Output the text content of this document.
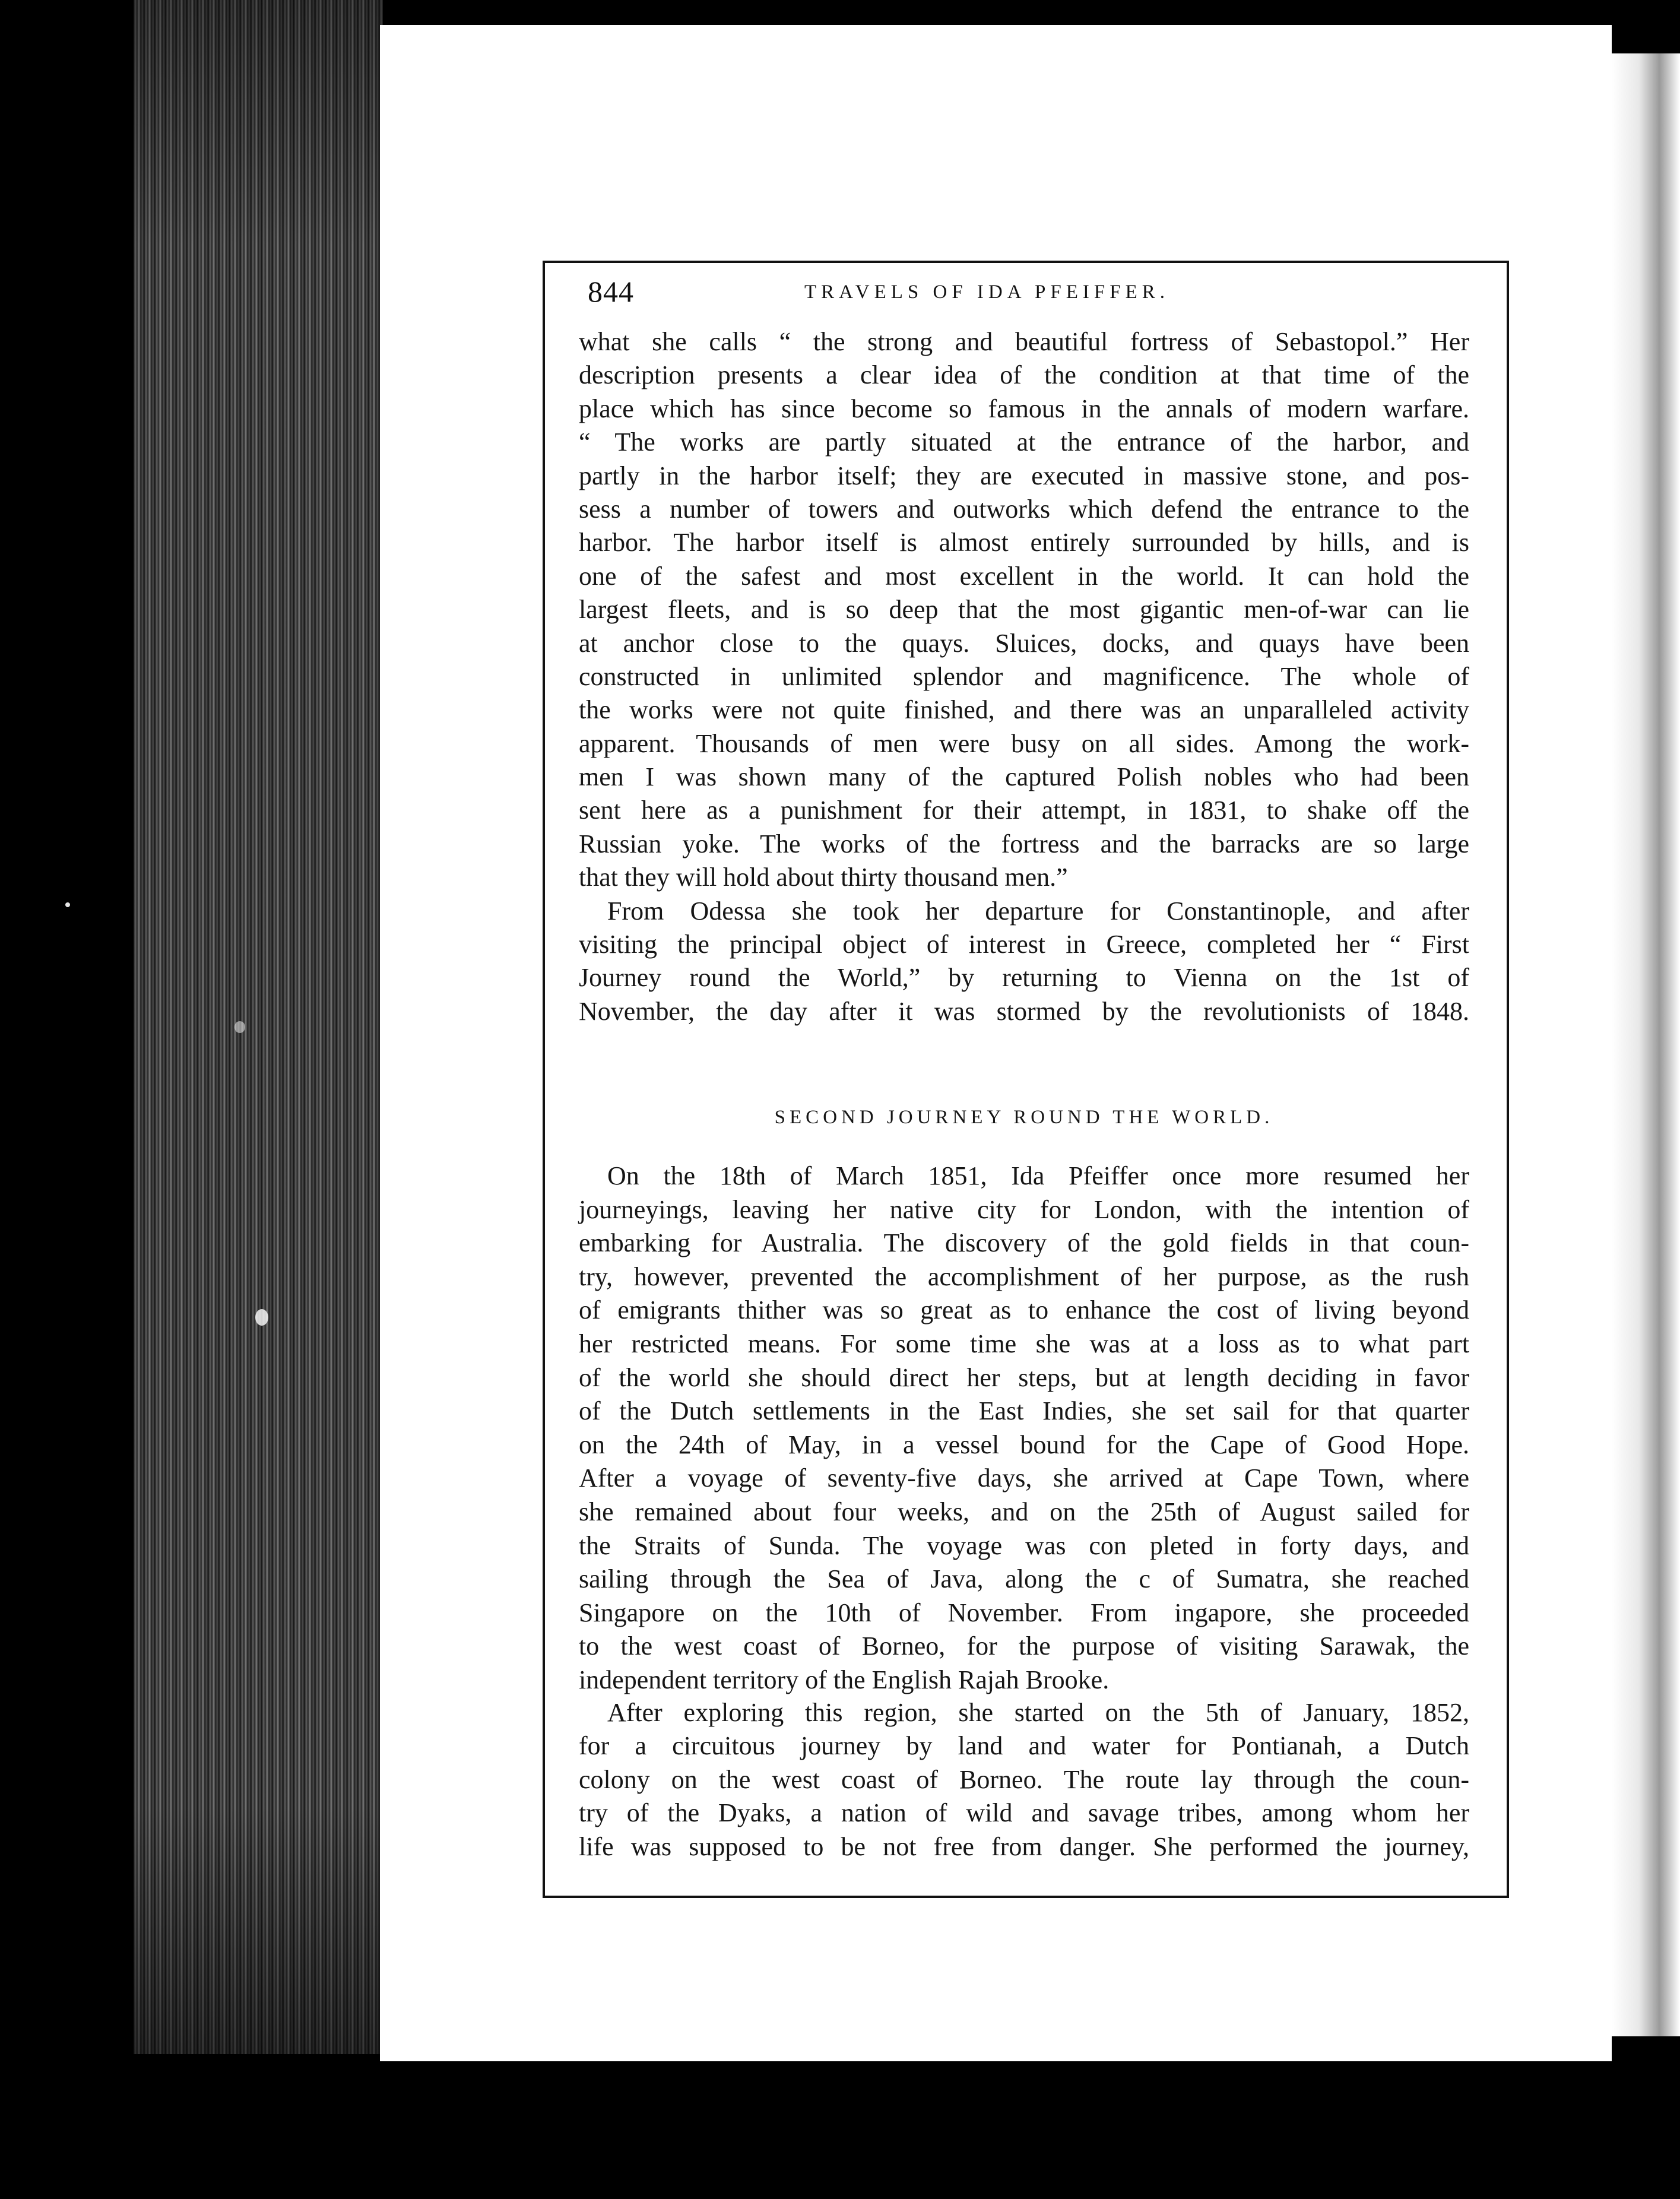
844	TRAVELS OF IDA PFEIFFER.
what she calls “ the strong and beautiful fortress of Sebastopol.” Her
description presents a clear idea of the condition at that time of the
place which has since become so famous in the annals of modern warfare.
“ The works are partly situated at the entrance of the harbor, and
partly in the harbor itself; they are executed in massive stone, and pos-
sess a number of towers and outworks which defend the entrance to the
harbor. The harbor itself is almost entirely surrounded by hills, and is
one of the safest and most excellent in the world. It can hold the
largest fleets, and is so deep that the most gigantic men-of-war can lie
at anchor close to the quays. Sluices, docks, and quays have been
constructed in unlimited splendor and magnificence. The whole of
the works were not quite finished, and there was an unparalleled activity
apparent. Thousands of men were busy on all sides. Among the work-
men I was shown many of the captured Polish nobles who had been
sent here as a punishment for their attempt, in 1831, to shake off the
Russian yoke. The works of the fortress and the barracks are so large
that they will hold about thirty thousand men.”
From Odessa she took her departure for Constantinople, and after
visiting the principal object of interest in Greece, completed her “ First
Journey round the World,” by returning to Vienna on the 1st of
November, the day after it was stormed by the revolutionists of 1848.
SECOND JOURNEY ROUND THE WORLD.
On the 18th of March 1851, Ida Pfeiffer once more resumed her
journeyings, leaving her native city for London, with the intention of
embarking for Australia. The discovery of the gold fields in that coun-
try, however, prevented the accomplishment of her purpose, as the rush
of emigrants thither was so great as to enhance the cost of living beyond
her restricted means. For some time she was at a loss as to what part
of the world she should direct her steps, but at length deciding in favor
of the Dutch settlements in the East Indies, she set sail for that quarter
on the 24th of May, in a vessel bound for the Cape of Good Hope.
After a voyage of seventy-five days, she arrived at Cape Town, where
she remained about four weeks, and on the 25th of August sailed for
the Straits of Sunda. The voyage was con pleted in forty days, and
sailing through the Sea of Java, along the c of Sumatra, she reached
Singapore on the 10th of November. From ingapore, she proceeded
to the west coast of Borneo, for the purpose of visiting Sarawak, the
independent territory of the English Rajah Brooke.
After exploring this region, she started on the 5th of January, 1852,
for a circuitous journey by land and water for Pontianah, a Dutch
colony on the west coast of Borneo. The route lay through the coun-
try of the Dyaks, a nation of wild and savage tribes, among whom her
life was supposed to be not free from danger. She performed the journey,
